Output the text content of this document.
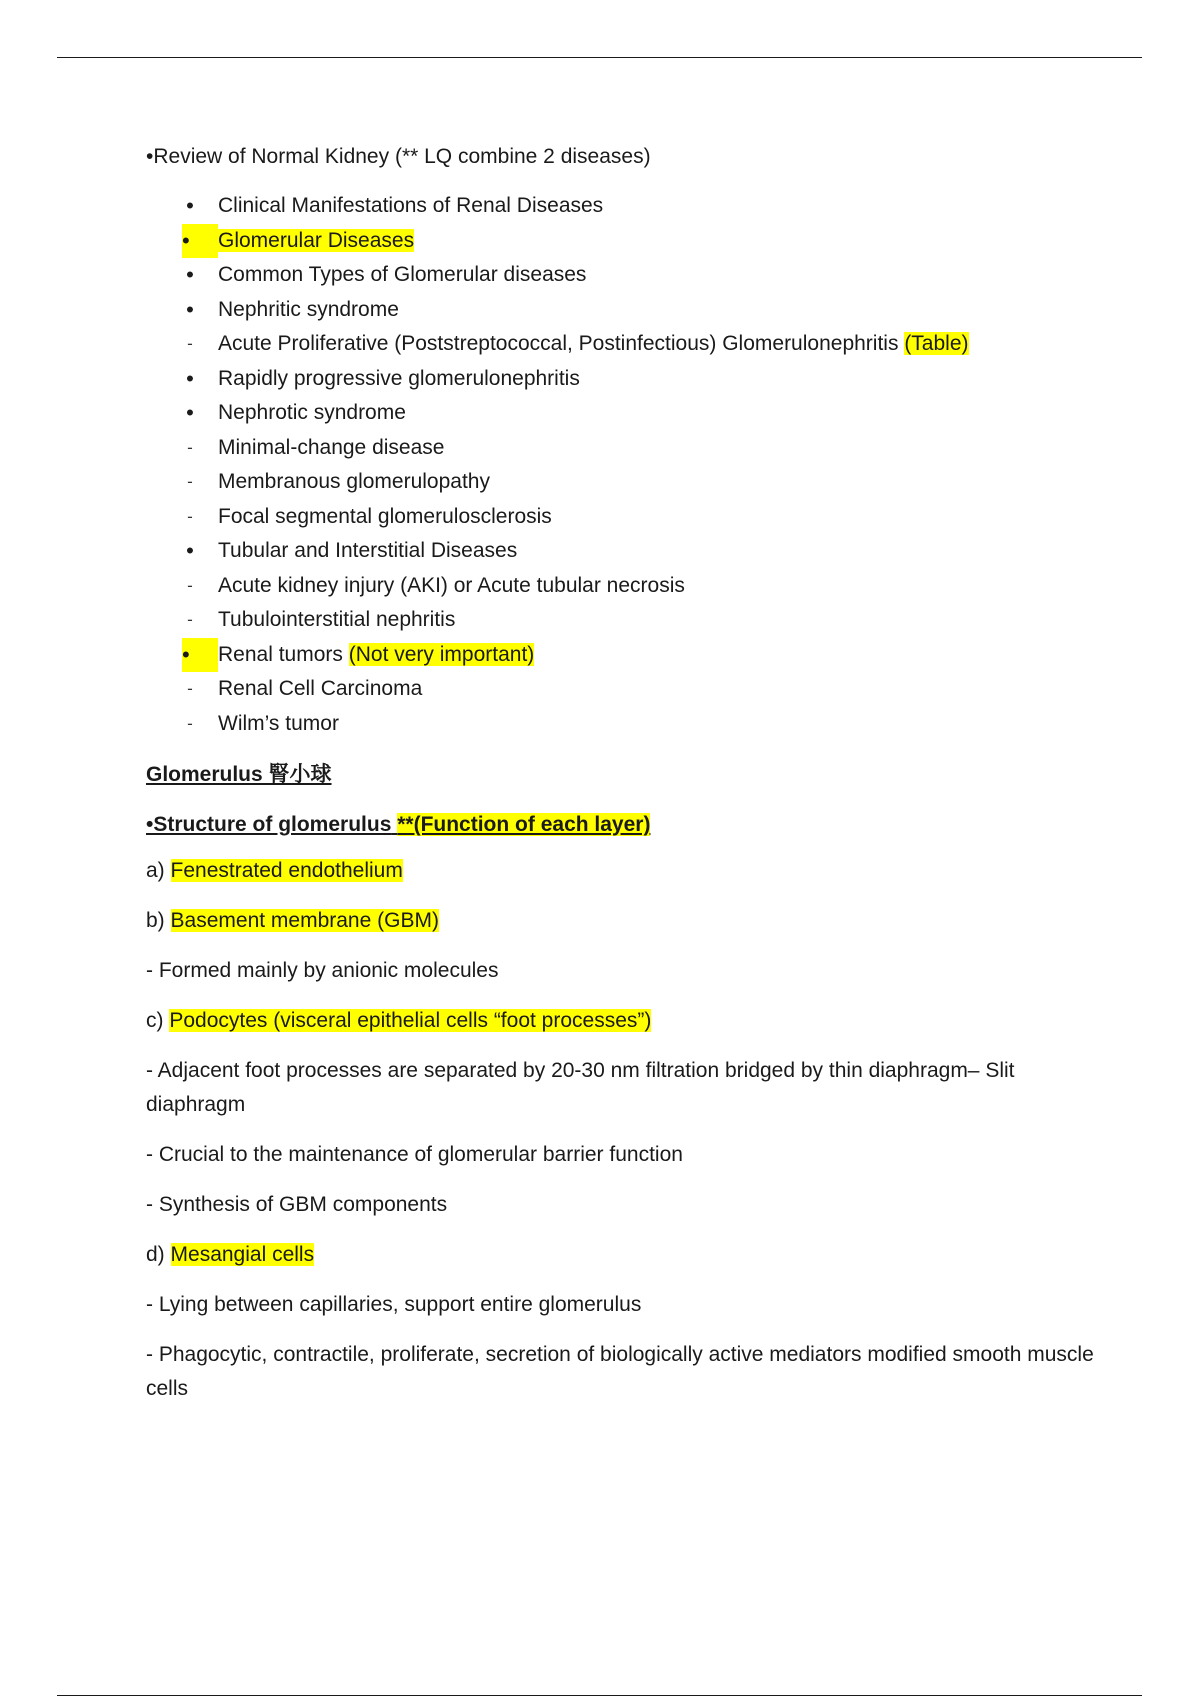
•Review of Normal Kidney (** LQ combine 2 diseases)
• Clinical Manifestations of Renal Diseases
•	Glomerular Diseases
• Common Types of Glomerular diseases
• Nephritic syndrome
-	Acute Proliferative (Poststreptococcal, Postinfectious) Glomerulonephritis (Table)
• Rapidly progressive glomerulonephritis
• Nephrotic syndrome
-	Minimal-change disease
-	Membranous glomerulopathy
-	Focal segmental glomerulosclerosis
• Tubular and Interstitial Diseases
-	Acute kidney injury (AKI) or Acute tubular necrosis
-	Tubulointerstitial nephritis
•	Renal tumors (Not very important)
-	Renal Cell Carcinoma
-	Wilm’s tumor
Glomerulus 腎小球
•Structure of glomerulus **(Function of each layer)
a) Fenestrated endothelium
b) Basement membrane (GBM)
- Formed mainly by anionic molecules
c) Podocytes (visceral epithelial cells “foot processes”)
- Adjacent foot processes are separated by 20-30 nm filtration bridged by thin diaphragm– Slit diaphragm
- Crucial to the maintenance of glomerular barrier function
- Synthesis of GBM components
d) Mesangial cells
- Lying between capillaries, support entire glomerulus
- Phagocytic, contractile, proliferate, secretion of biologically active mediators modified smooth muscle cells
